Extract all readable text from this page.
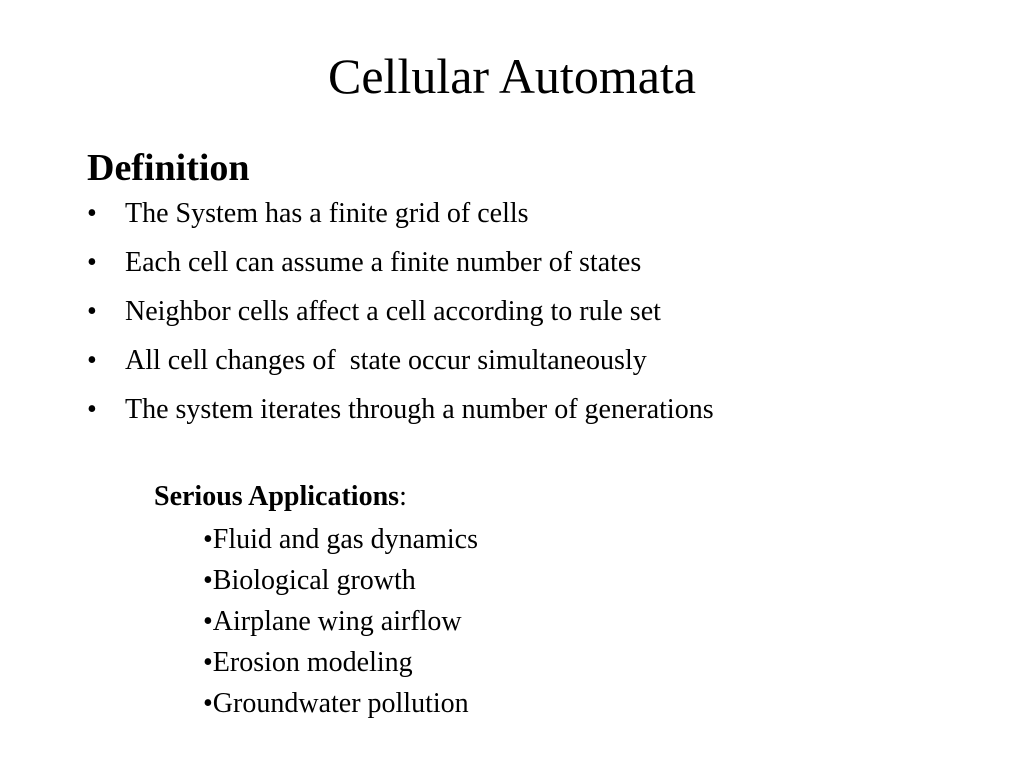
Cellular Automata
Definition
• The System has a finite grid of cells
• Each cell can assume a finite number of states
• Neighbor cells affect a cell according to rule set
• All cell changes of  state occur simultaneously
• The system iterates through a number of generations

Serious Applications:

•Fluid and gas dynamics
•Biological growth
•Airplane wing airflow
•Erosion modeling
•Groundwater pollution
